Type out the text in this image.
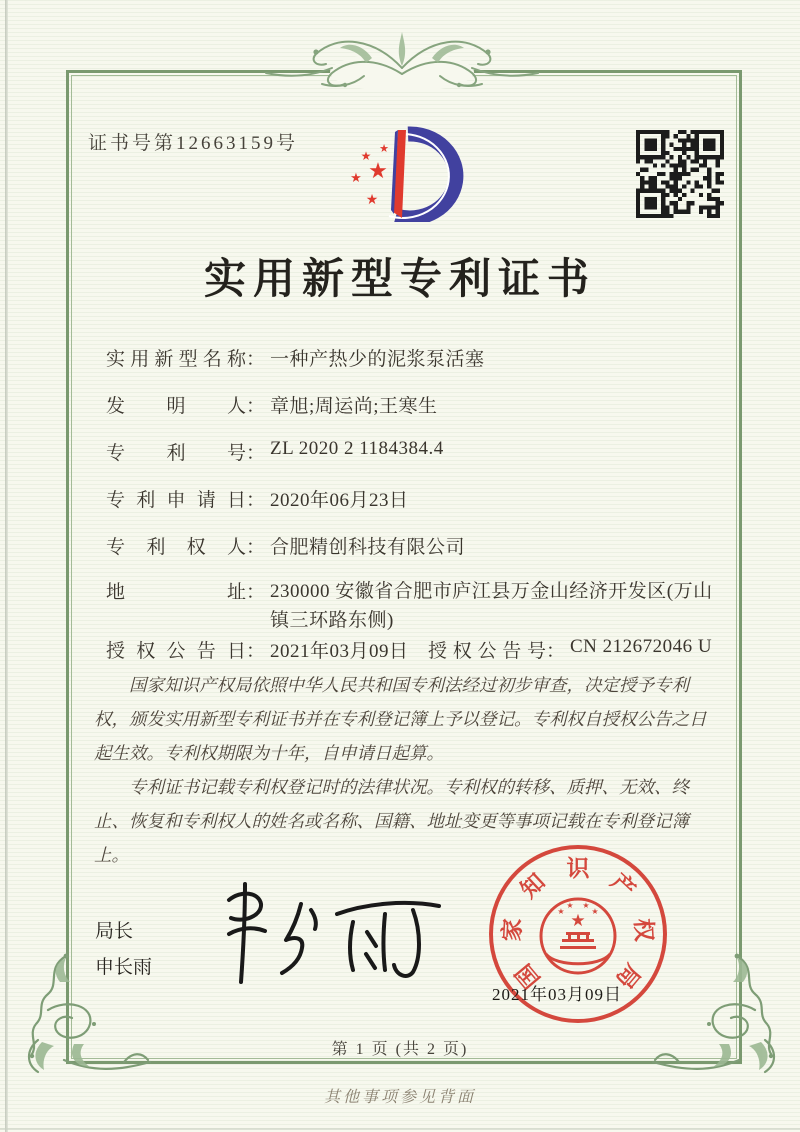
证书号第12663159号
★
★
★
★
★
实用新型专利证书
实用新型名称： 一种产热少的泥浆泵活塞
发明人： 章旭;周运尚;王寒生
专利号： ZL 2020 2 1184384.4
专利申请日： 2020年06月23日
专利权人： 合肥精创科技有限公司
地址： 230000 安徽省合肥市庐江县万金山经济开发区(万山镇三环路东侧)
授权公告日： 2021年03月09日 授权公告号： CN 212672046 U

国家知识产权局依照中华人民共和国专利法经过初步审查，决定授予专利权，颁发实用新型专利证书并在专利登记簿上予以登记。专利权自授权公告之日起生效。专利权期限为十年，自申请日起算。

专利证书记载专利权登记时的法律状况。专利权的转移、质押、无效、终止、恢复和专利权人的姓名或名称、国籍、地址变更等事项记载在专利登记簿上。

局长
申长雨	国
家
知
识
产
权
局
★
★
★ ★
★
2021年03月09日
第 1 页 (共 2 页)
其他事项参见背面
